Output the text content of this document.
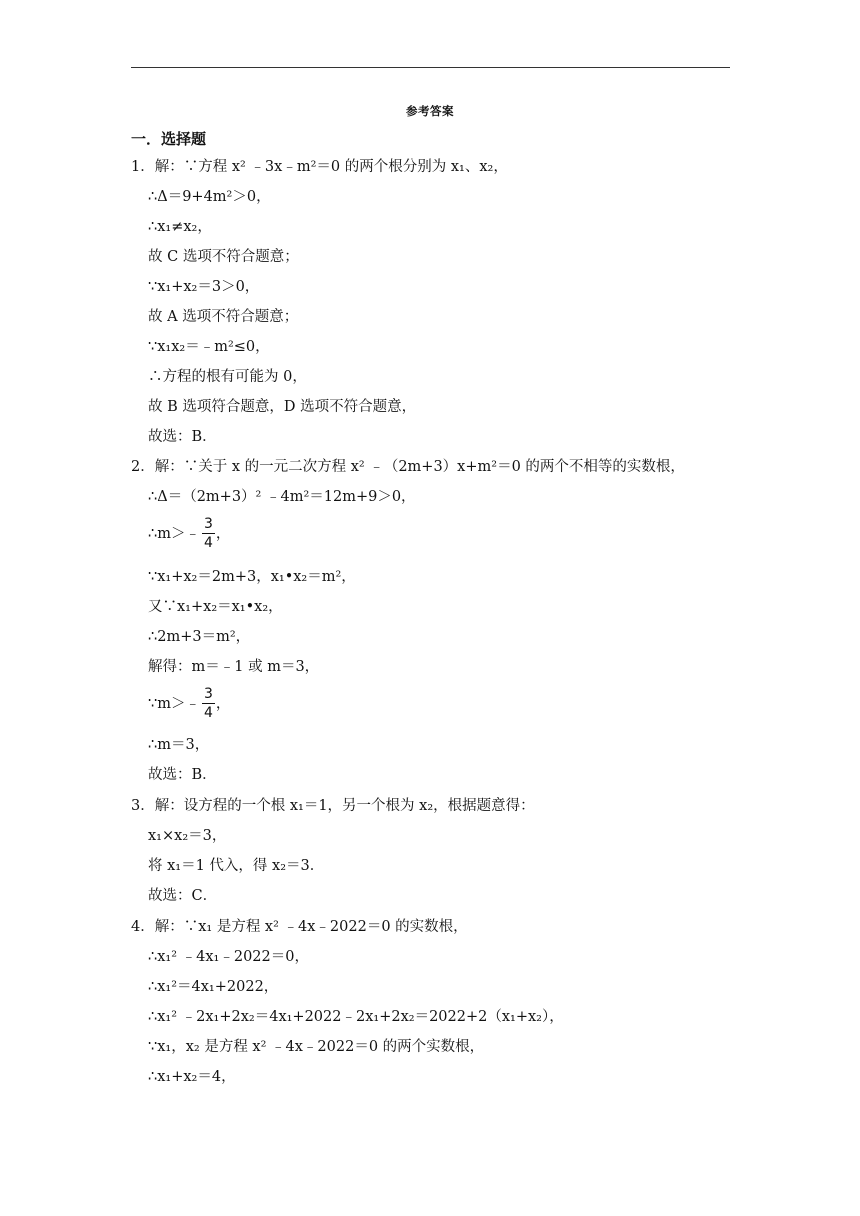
参考答案
一．选择题
1．解：∵方程 x² ﹣3x﹣m²＝0 的两个根分别为 x₁、x₂，
∴Δ＝9+4m²＞0，
∴x₁≠x₂，
故 C 选项不符合题意；
∵x₁+x₂＝3＞0，
故 A 选项不符合题意；
∵x₁x₂＝﹣m²≤0，
∴方程的根有可能为 0，
故 B 选项符合题意，D 选项不符合题意，
故选：B．
2．解：∵关于 x 的一元二次方程 x² ﹣（2m+3）x+m²＝0 的两个不相等的实数根，
∴Δ＝（2m+3）² ﹣4m²＝12m+9＞0，
∴m＞﹣ $\frac{3}{4}$ ，
∵x₁+x₂＝2m+3，x₁•x₂＝m²，
又∵x₁+x₂＝x₁•x₂，
∴2m+3＝m²，
解得：m＝﹣1 或 m＝3，
∵m＞﹣ $\frac{3}{4}$ ，
∴m＝3，
故选：B．
3．解：设方程的一个根 x₁＝1，另一个根为 x₂，根据题意得：
x₁×x₂＝3，
将 x₁＝1 代入，得 x₂＝3．
故选：C．
4．解：∵x₁ 是方程 x² ﹣4x﹣2022＝0 的实数根，
∴x₁² ﹣4x₁﹣2022＝0，
∴x₁²＝4x₁+2022，
∴x₁² ﹣2x₁+2x₂＝4x₁+2022﹣2x₁+2x₂＝2022+2（x₁+x₂），
∵x₁，x₂ 是方程 x² ﹣4x﹣2022＝0 的两个实数根，
∴x₁+x₂＝4，
